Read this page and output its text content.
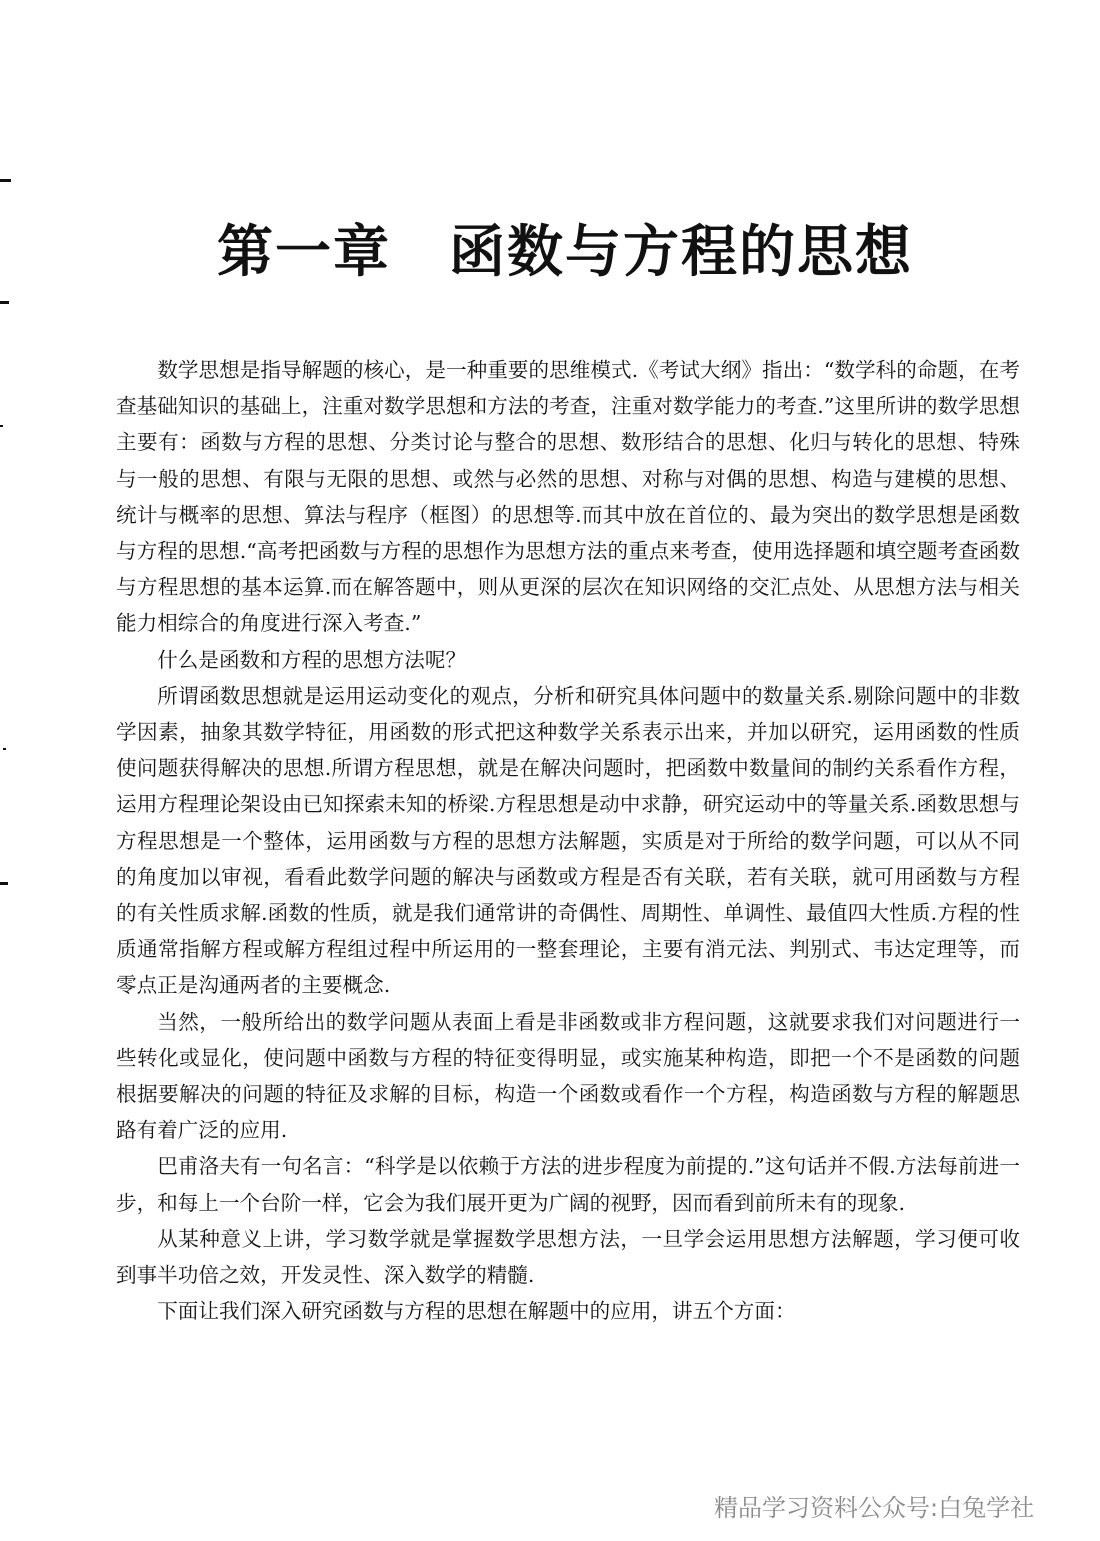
第一章 函数与方程的思想

数学思想是指导解题的核心，是一种重要的思维模式.《考试大纲》指出：“数学科的命题，在考查基础知识的基础上，注重对数学思想和方法的考查，注重对数学能力的考查.”这里所讲的数学思想主要有：函数与方程的思想、分类讨论与整合的思想、数形结合的思想、化归与转化的思想、特殊与一般的思想、有限与无限的思想、或然与必然的思想、对称与对偶的思想、构造与建模的思想、统计与概率的思想、算法与程序（框图）的思想等.而其中放在首位的、最为突出的数学思想是函数与方程的思想.“高考把函数与方程的思想作为思想方法的重点来考查，使用选择题和填空题考查函数与方程思想的基本运算.而在解答题中，则从更深的层次在知识网络的交汇点处、从思想方法与相关能力相综合的角度进行深入考查.”

什么是函数和方程的思想方法呢？

所谓函数思想就是运用运动变化的观点，分析和研究具体问题中的数量关系.剔除问题中的非数学因素，抽象其数学特征，用函数的形式把这种数学关系表示出来，并加以研究，运用函数的性质使问题获得解决的思想.所谓方程思想，就是在解决问题时，把函数中数量间的制约关系看作方程，运用方程理论架设由已知探索未知的桥梁.方程思想是动中求静，研究运动中的等量关系.函数思想与方程思想是一个整体，运用函数与方程的思想方法解题，实质是对于所给的数学问题，可以从不同的角度加以审视，看看此数学问题的解决与函数或方程是否有关联，若有关联，就可用函数与方程的有关性质求解.函数的性质，就是我们通常讲的奇偶性、周期性、单调性、最值四大性质.方程的性质通常指解方程或解方程组过程中所运用的一整套理论，主要有消元法、判别式、韦达定理等，而零点正是沟通两者的主要概念.

当然，一般所给出的数学问题从表面上看是非函数或非方程问题，这就要求我们对问题进行一些转化或显化，使问题中函数与方程的特征变得明显，或实施某种构造，即把一个不是函数的问题根据要解决的问题的特征及求解的目标，构造一个函数或看作一个方程，构造函数与方程的解题思路有着广泛的应用.

巴甫洛夫有一句名言：“科学是以依赖于方法的进步程度为前提的.”这句话并不假.方法每前进一步，和每上一个台阶一样，它会为我们展开更为广阔的视野，因而看到前所未有的现象.

从某种意义上讲，学习数学就是掌握数学思想方法，一旦学会运用思想方法解题，学习便可收到事半功倍之效，开发灵性、深入数学的精髓.

下面让我们深入研究函数与方程的思想在解题中的应用，讲五个方面：

精品学习资料公众号:白兔学社
